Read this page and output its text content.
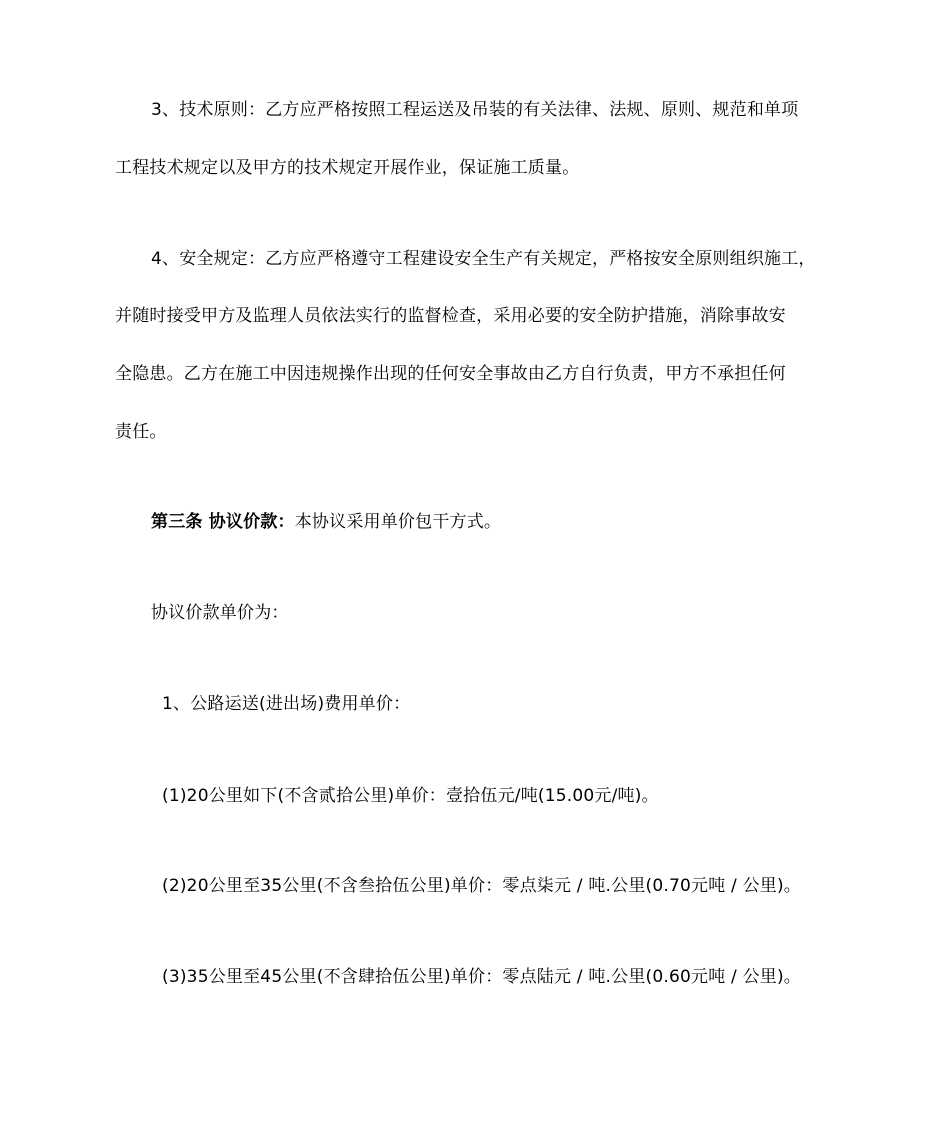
3、技术原则：乙方应严格按照工程运送及吊装的有关法律、法规、原则、规范和单项
工程技术规定以及甲方的技术规定开展作业，保证施工质量。
4、安全规定：乙方应严格遵守工程建设安全生产有关规定，严格按安全原则组织施工，
并随时接受甲方及监理人员依法实行的监督检查，采用必要的安全防护措施，消除事故安
全隐患。乙方在施工中因违规操作出现的任何安全事故由乙方自行负责，甲方不承担任何
责任。
第三条 协议价款：本协议采用单价包干方式。
协议价款单价为：
1、公路运送(进出场)费用单价：
(1)20公里如下(不含贰拾公里)单价：壹拾伍元/吨(15.00元/吨)。
(2)20公里至35公里(不含叁拾伍公里)单价：零点柒元 / 吨.公里(0.70元吨 / 公里)。
(3)35公里至45公里(不含肆拾伍公里)单价：零点陆元 / 吨.公里(0.60元吨 / 公里)。
